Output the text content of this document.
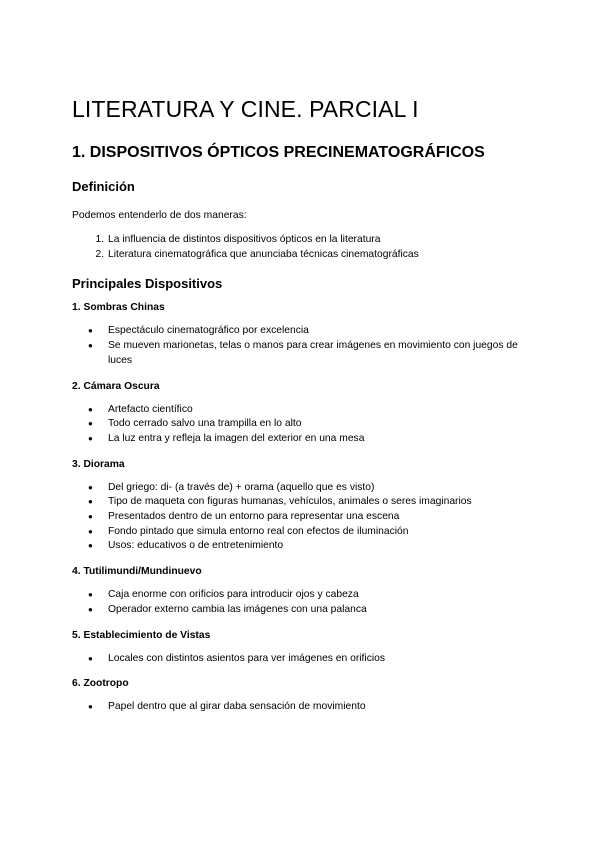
LITERATURA Y CINE. PARCIAL I
1. DISPOSITIVOS ÓPTICOS PRECINEMATOGRÁFICOS
Definición

Podemos entenderlo de dos maneras:

1. La influencia de distintos dispositivos ópticos en la literatura
2. Literatura cinematográfica que anunciaba técnicas cinematográficas
Principales Dispositivos
1. Sombras Chinas
● Espectáculo cinematográfico por excelencia
● Se mueven marionetas, telas o manos para crear imágenes en movimiento con juegos de luces
2. Cámara Oscura
● Artefacto científico
● Todo cerrado salvo una trampilla en lo alto
● La luz entra y refleja la imagen del exterior en una mesa
3. Diorama
● Del griego: di- (a través de) + orama (aquello que es visto)
● Tipo de maqueta con figuras humanas, vehículos, animales o seres imaginarios
● Presentados dentro de un entorno para representar una escena
● Fondo pintado que simula entorno real con efectos de iluminación
● Usos: educativos o de entretenimiento
4. Tutilimundi/Mundinuevo
● Caja enorme con orificios para introducir ojos y cabeza
● Operador externo cambia las imágenes con una palanca
5. Establecimiento de Vistas
● Locales con distintos asientos para ver imágenes en orificios
6. Zootropo
● Papel dentro que al girar daba sensación de movimiento
